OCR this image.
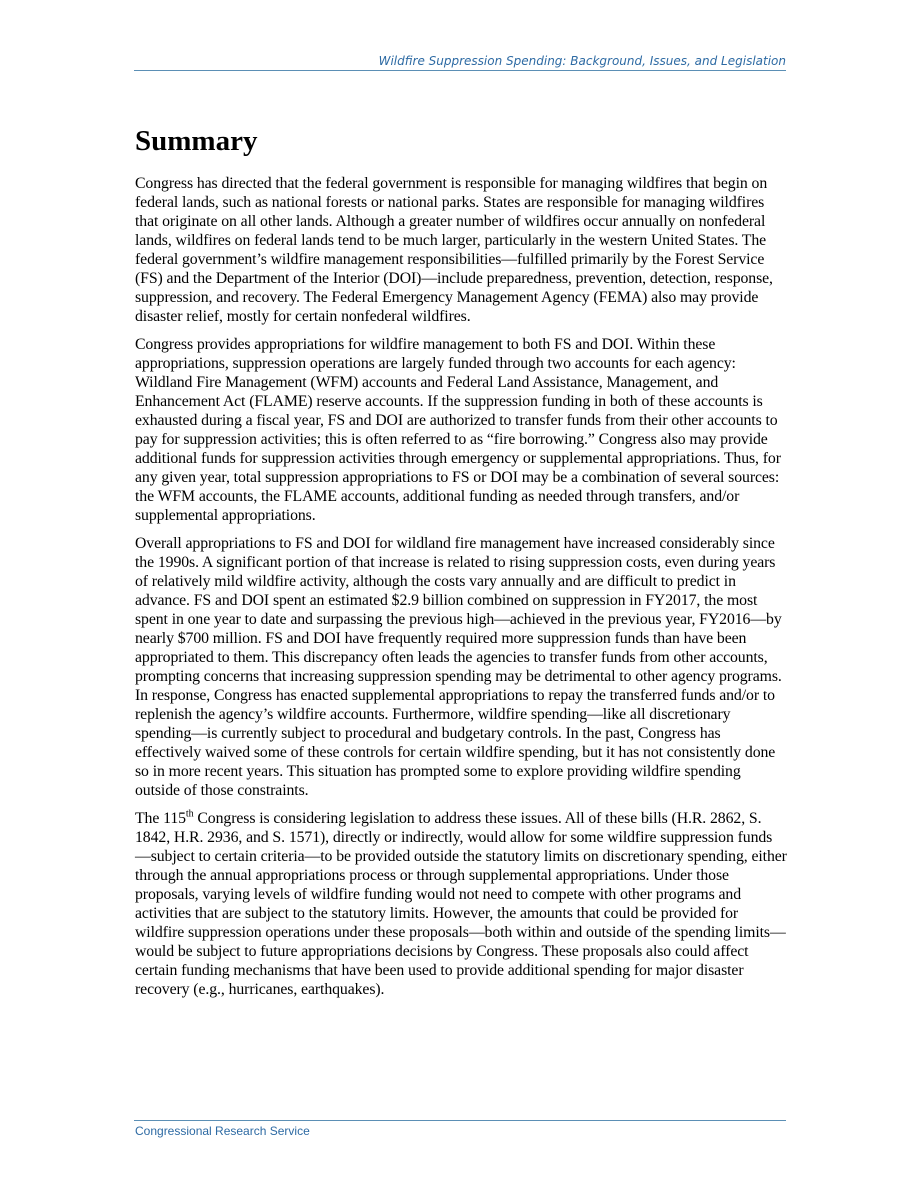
Wildfire Suppression Spending: Background, Issues, and Legislation
Summary

Congress has directed that the federal government is responsible for managing wildfires that begin on federal lands, such as national forests or national parks. States are responsible for managing wildfires that originate on all other lands. Although a greater number of wildfires occur annually on nonfederal lands, wildfires on federal lands tend to be much larger, particularly in the western United States. The federal government’s wildfire management responsibilities—fulfilled primarily by the Forest Service (FS) and the Department of the Interior (DOI)—include preparedness, prevention, detection, response, suppression, and recovery. The Federal Emergency Management Agency (FEMA) also may provide disaster relief, mostly for certain nonfederal wildfires.

Congress provides appropriations for wildfire management to both FS and DOI. Within these appropriations, suppression operations are largely funded through two accounts for each agency: Wildland Fire Management (WFM) accounts and Federal Land Assistance, Management, and Enhancement Act (FLAME) reserve accounts. If the suppression funding in both of these accounts is exhausted during a fiscal year, FS and DOI are authorized to transfer funds from their other accounts to pay for suppression activities; this is often referred to as “fire borrowing.” Congress also may provide additional funds for suppression activities through emergency or supplemental appropriations. Thus, for any given year, total suppression appropriations to FS or DOI may be a combination of several sources: the WFM accounts, the FLAME accounts, additional funding as needed through transfers, and/or supplemental appropriations.

Overall appropriations to FS and DOI for wildland fire management have increased considerably since the 1990s. A significant portion of that increase is related to rising suppression costs, even during years of relatively mild wildfire activity, although the costs vary annually and are difficult to predict in advance. FS and DOI spent an estimated $2.9 billion combined on suppression in FY2017, the most spent in one year to date and surpassing the previous high—achieved in the previous year, FY2016—by nearly $700 million. FS and DOI have frequently required more suppression funds than have been appropriated to them. This discrepancy often leads the agencies to transfer funds from other accounts, prompting concerns that increasing suppression spending may be detrimental to other agency programs. In response, Congress has enacted supplemental appropriations to repay the transferred funds and/or to replenish the agency’s wildfire accounts. Furthermore, wildfire spending—like all discretionary spending—is currently subject to procedural and budgetary controls. In the past, Congress has effectively waived some of these controls for certain wildfire spending, but it has not consistently done so in more recent years. This situation has prompted some to explore providing wildfire spending outside of those constraints.

The 115th Congress is considering legislation to address these issues. All of these bills (H.R. 2862, S. 1842, H.R. 2936, and S. 1571), directly or indirectly, would allow for some wildfire suppression funds—subject to certain criteria—to be provided outside the statutory limits on discretionary spending, either through the annual appropriations process or through supplemental appropriations. Under those proposals, varying levels of wildfire funding would not need to compete with other programs and activities that are subject to the statutory limits. However, the amounts that could be provided for wildfire suppression operations under these proposals—both within and outside of the spending limits—would be subject to future appropriations decisions by Congress. These proposals also could affect certain funding mechanisms that have been used to provide additional spending for major disaster recovery (e.g., hurricanes, earthquakes).

Congressional Research Service
